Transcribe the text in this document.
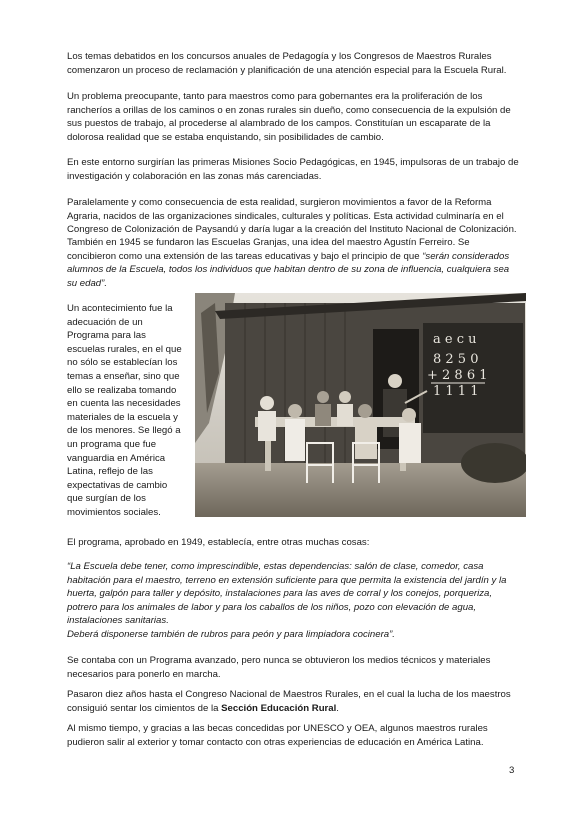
Los temas debatidos en los concursos anuales de Pedagogía y los Congresos de Maestros Rurales comenzaron un proceso de reclamación y planificación de una atención especial para la Escuela Rural.

Un problema preocupante, tanto para maestros como para gobernantes era la proliferación de los rancheríos a orillas de los caminos o en zonas rurales sin dueño, como consecuencia de la expulsión de sus puestos de trabajo, al procederse al alambrado de los campos. Constituían un escaparate de la dolorosa realidad que se estaba enquistando, sin posibilidades de cambio.

En este entorno surgirían las primeras Misiones Socio Pedagógicas, en 1945, impulsoras de un trabajo de investigación y colaboración en las zonas más carenciadas.

Paralelamente y como consecuencia de esta realidad, surgieron movimientos a favor de la Reforma Agraria, nacidos de las organizaciones sindicales, culturales y políticas. Esta actividad culminaría en el Congreso de Colonización de Paysandú y daría lugar a la creación del Instituto Nacional de Colonización.

También en 1945 se fundaron las Escuelas Granjas, una idea del maestro Agustín Ferreiro. Se concibieron como una extensión de las tareas educativas y bajo el principio de que “serán considerados alumnos de la Escuela, todos los individuos que habitan dentro de su zona de influencia, cualquiera sea su edad”.

Un acontecimiento fue la adecuación de un Programa para las escuelas rurales, en el que no sólo se establecían los temas a enseñar, sino que ello se realizaba tomando en cuenta las necesidades materiales de la escuela y de los menores. Se llegó a un programa que fue vanguardia en América Latina, reflejo de las expectativas de cambio que surgían de los movimientos sociales.

a e c u
8 2 5 0
+ 2 8 6 1
1 1 1 1

El programa, aprobado en 1949, establecía, entre otras muchas cosas:

“La Escuela debe tener, como imprescindible, estas dependencias: salón de clase, comedor, casa habitación para el maestro, terreno en extensión suficiente para que permita la existencia del jardín y la huerta, galpón para taller y depósito, instalaciones para las aves de corral y los conejos, porqueriza, potrero para los animales de labor y para los caballos de los niños, pozo con elevación de agua, instalaciones sanitarias.
Deberá disponerse también de rubros para peón y para limpiadora cocinera”.

Se contaba con un Programa avanzado, pero nunca se obtuvieron los medios técnicos y materiales necesarios para ponerlo en marcha.

Pasaron diez años hasta el Congreso Nacional de Maestros Rurales, en el cual la lucha de los maestros consiguió sentar los cimientos de la Sección Educación Rural.

Al mismo tiempo, y gracias a las becas concedidas por UNESCO y OEA, algunos maestros rurales pudieron salir al exterior y tomar contacto con otras experiencias de educación en América Latina.

3
